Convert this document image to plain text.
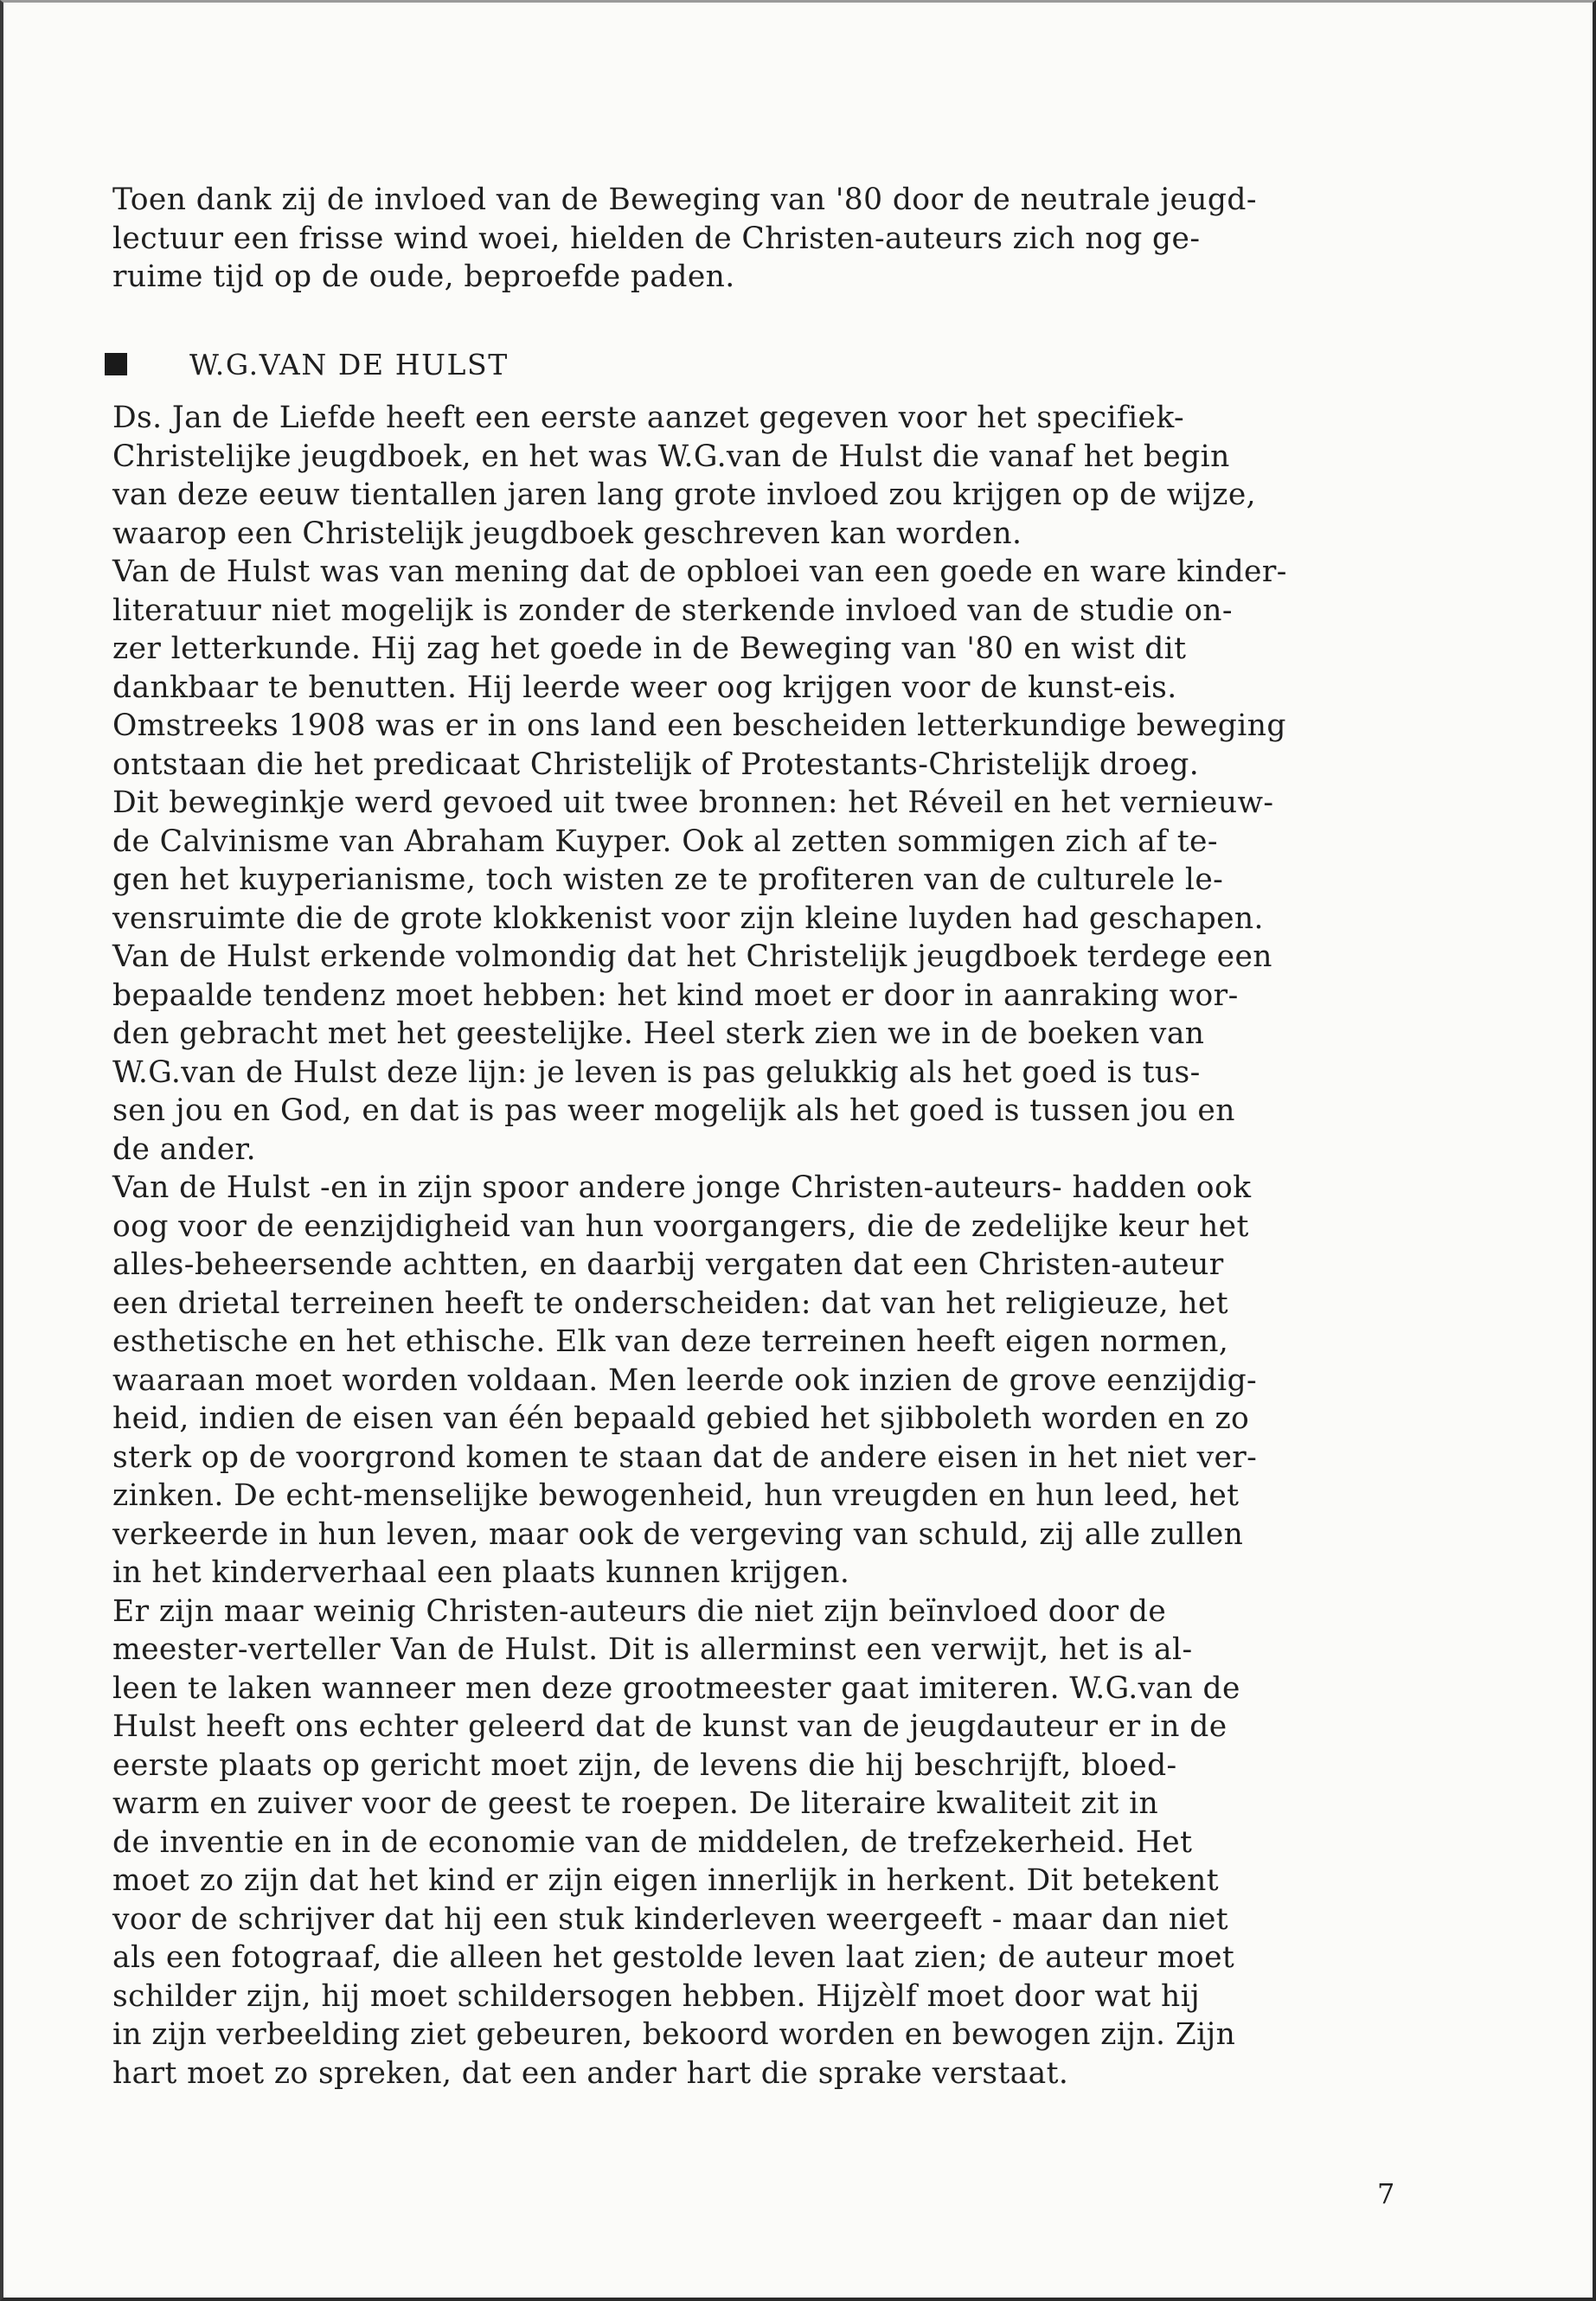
Toen dank zij de invloed van de Beweging van '80 door de neutrale jeugd-
lectuur een frisse wind woei, hielden de Christen-auteurs zich nog ge-
ruime tijd op de oude, beproefde paden.
W.G.VAN DE HULST
Ds. Jan de Liefde heeft een eerste aanzet gegeven voor het specifiek-
Christelijke jeugdboek, en het was W.G.van de Hulst die vanaf het begin
van deze eeuw tientallen jaren lang grote invloed zou krijgen op de wijze,
waarop een Christelijk jeugdboek geschreven kan worden.
Van de Hulst was van mening dat de opbloei van een goede en ware kinder-
literatuur niet mogelijk is zonder de sterkende invloed van de studie on-
zer letterkunde. Hij zag het goede in de Beweging van '80 en wist dit
dankbaar te benutten. Hij leerde weer oog krijgen voor de kunst-eis.
Omstreeks 1908 was er in ons land een bescheiden letterkundige beweging
ontstaan die het predicaat Christelijk of Protestants-Christelijk droeg.
Dit beweginkje werd gevoed uit twee bronnen: het Réveil en het vernieuw-
de Calvinisme van Abraham Kuyper. Ook al zetten sommigen zich af te-
gen het kuyperianisme, toch wisten ze te profiteren van de culturele le-
vensruimte die de grote klokkenist voor zijn kleine luyden had geschapen.
Van de Hulst erkende volmondig dat het Christelijk jeugdboek terdege een
bepaalde tendenz moet hebben: het kind moet er door in aanraking wor-
den gebracht met het geestelijke. Heel sterk zien we in de boeken van
W.G.van de Hulst deze lijn: je leven is pas gelukkig als het goed is tus-
sen jou en God, en dat is pas weer mogelijk als het goed is tussen jou en
de ander.
Van de Hulst -en in zijn spoor andere jonge Christen-auteurs- hadden ook
oog voor de eenzijdigheid van hun voorgangers, die de zedelijke keur het
alles-beheersende achtten, en daarbij vergaten dat een Christen-auteur
een drietal terreinen heeft te onderscheiden: dat van het religieuze, het
esthetische en het ethische. Elk van deze terreinen heeft eigen normen,
waaraan moet worden voldaan. Men leerde ook inzien de grove eenzijdig-
heid, indien de eisen van één bepaald gebied het sjibboleth worden en zo
sterk op de voorgrond komen te staan dat de andere eisen in het niet ver-
zinken. De echt-menselijke bewogenheid, hun vreugden en hun leed, het
verkeerde in hun leven, maar ook de vergeving van schuld, zij alle zullen
in het kinderverhaal een plaats kunnen krijgen.
Er zijn maar weinig Christen-auteurs die niet zijn beïnvloed door de
meester-verteller Van de Hulst. Dit is allerminst een verwijt, het is al-
leen te laken wanneer men deze grootmeester gaat imiteren. W.G.van de
Hulst heeft ons echter geleerd dat de kunst van de jeugdauteur er in de
eerste plaats op gericht moet zijn, de levens die hij beschrijft, bloed-
warm en zuiver voor de geest te roepen. De literaire kwaliteit zit in
de inventie en in de economie van de middelen, de trefzekerheid. Het
moet zo zijn dat het kind er zijn eigen innerlijk in herkent. Dit betekent
voor de schrijver dat hij een stuk kinderleven weergeeft - maar dan niet
als een fotograaf, die alleen het gestolde leven laat zien; de auteur moet
schilder zijn, hij moet schildersogen hebben. Hijzèlf moet door wat hij
in zijn verbeelding ziet gebeuren, bekoord worden en bewogen zijn. Zijn
hart moet zo spreken, dat een ander hart die sprake verstaat.
7
